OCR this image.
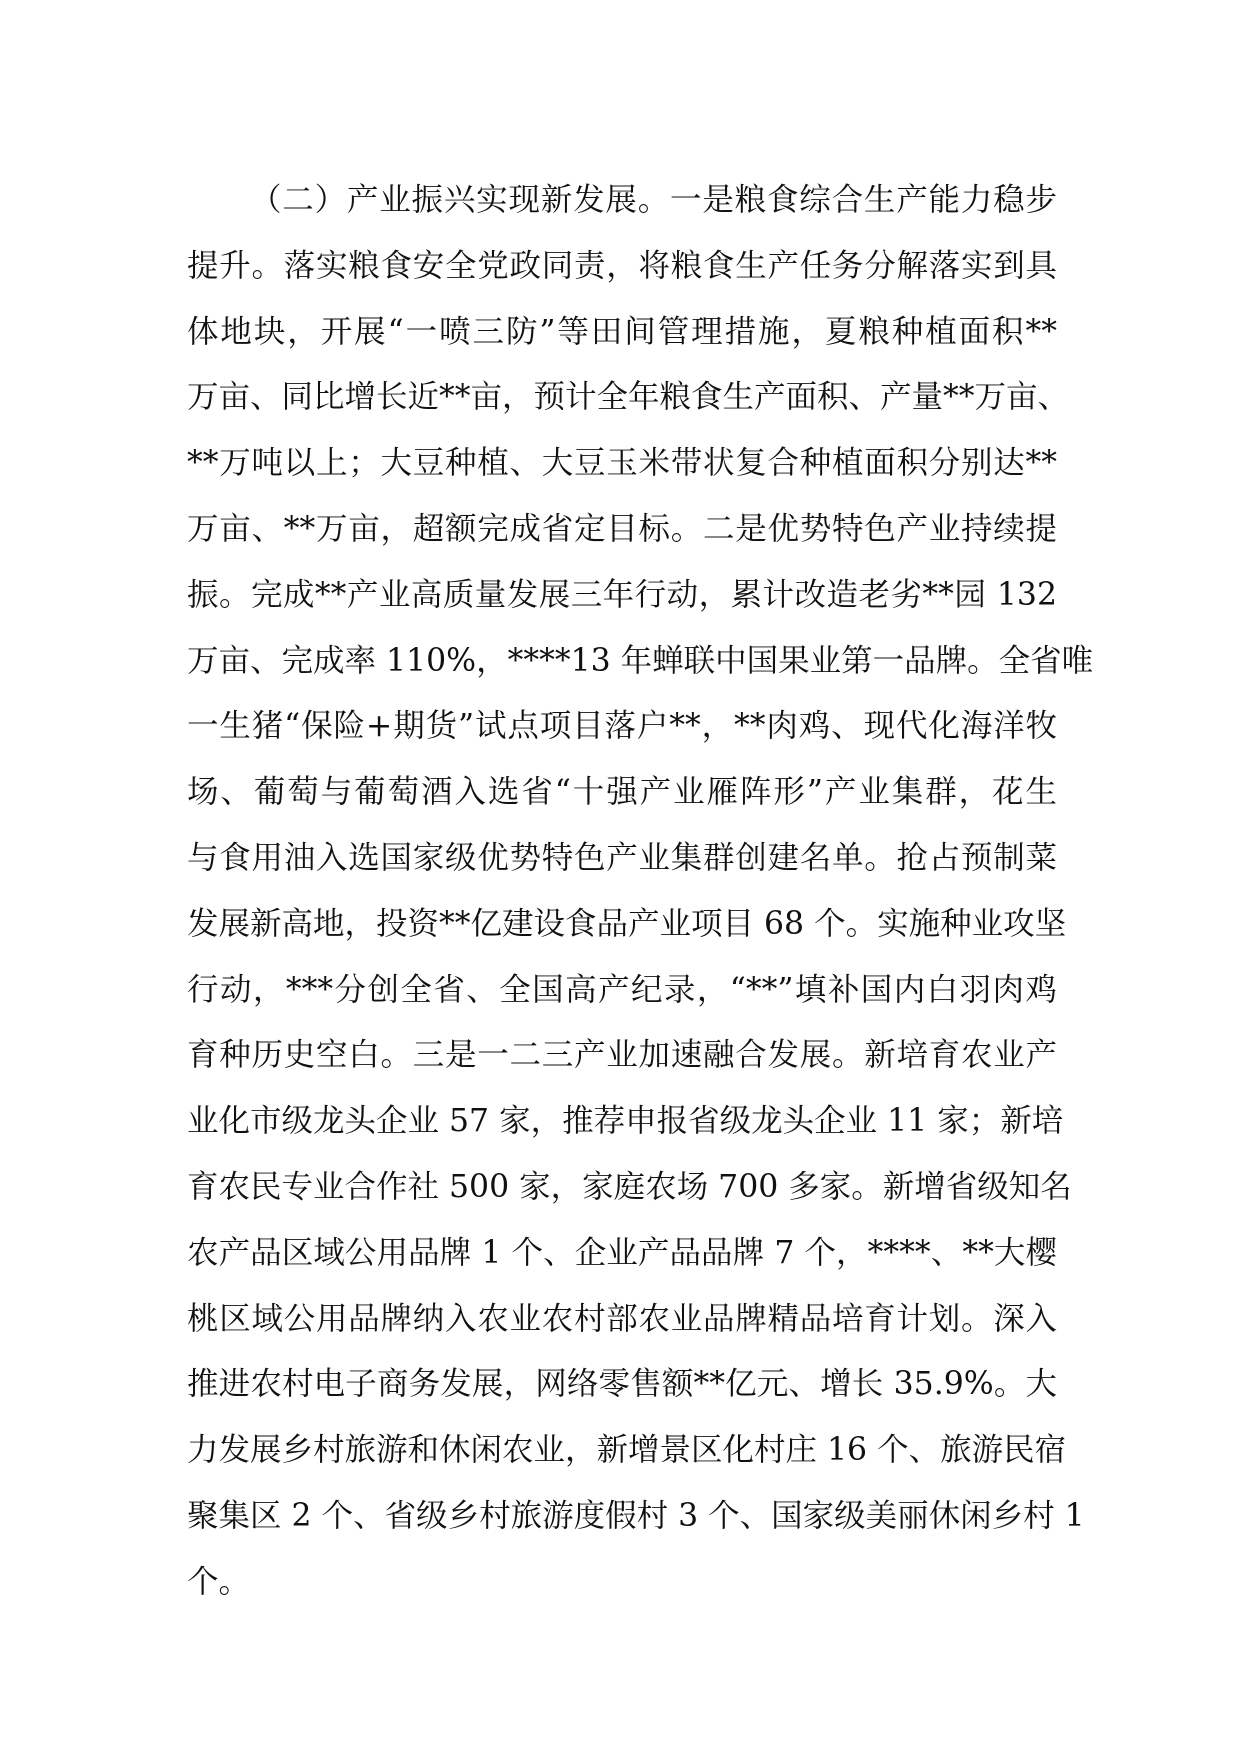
（二）产业振兴实现新发展。一是粮食综合生产能力稳步
提升。落实粮食安全党政同责，将粮食生产任务分解落实到具
体地块，开展“一喷三防”等田间管理措施，夏粮种植面积**
万亩、同比增长近**亩，预计全年粮食生产面积、产量**万亩、
**万吨以上；大豆种植、大豆玉米带状复合种植面积分别达**
万亩、**万亩，超额完成省定目标。二是优势特色产业持续提
振。完成**产业高质量发展三年行动，累计改造老劣**园 132
万亩、完成率 110%，****13 年蝉联中国果业第一品牌。全省唯
一生猪“保险+期货”试点项目落户**，**肉鸡、现代化海洋牧
场、葡萄与葡萄酒入选省“十强产业雁阵形”产业集群，花生
与食用油入选国家级优势特色产业集群创建名单。抢占预制菜
发展新高地，投资**亿建设食品产业项目 68 个。实施种业攻坚
行动，***分创全省、全国高产纪录，“**”填补国内白羽肉鸡
育种历史空白。三是一二三产业加速融合发展。新培育农业产
业化市级龙头企业 57 家，推荐申报省级龙头企业 11 家；新培
育农民专业合作社 500 家，家庭农场 700 多家。新增省级知名
农产品区域公用品牌 1 个、企业产品品牌 7 个，****、**大樱
桃区域公用品牌纳入农业农村部农业品牌精品培育计划。深入
推进农村电子商务发展，网络零售额**亿元、增长 35.9%。大
力发展乡村旅游和休闲农业，新增景区化村庄 16 个、旅游民宿
聚集区 2 个、省级乡村旅游度假村 3 个、国家级美丽休闲乡村 1
个。
